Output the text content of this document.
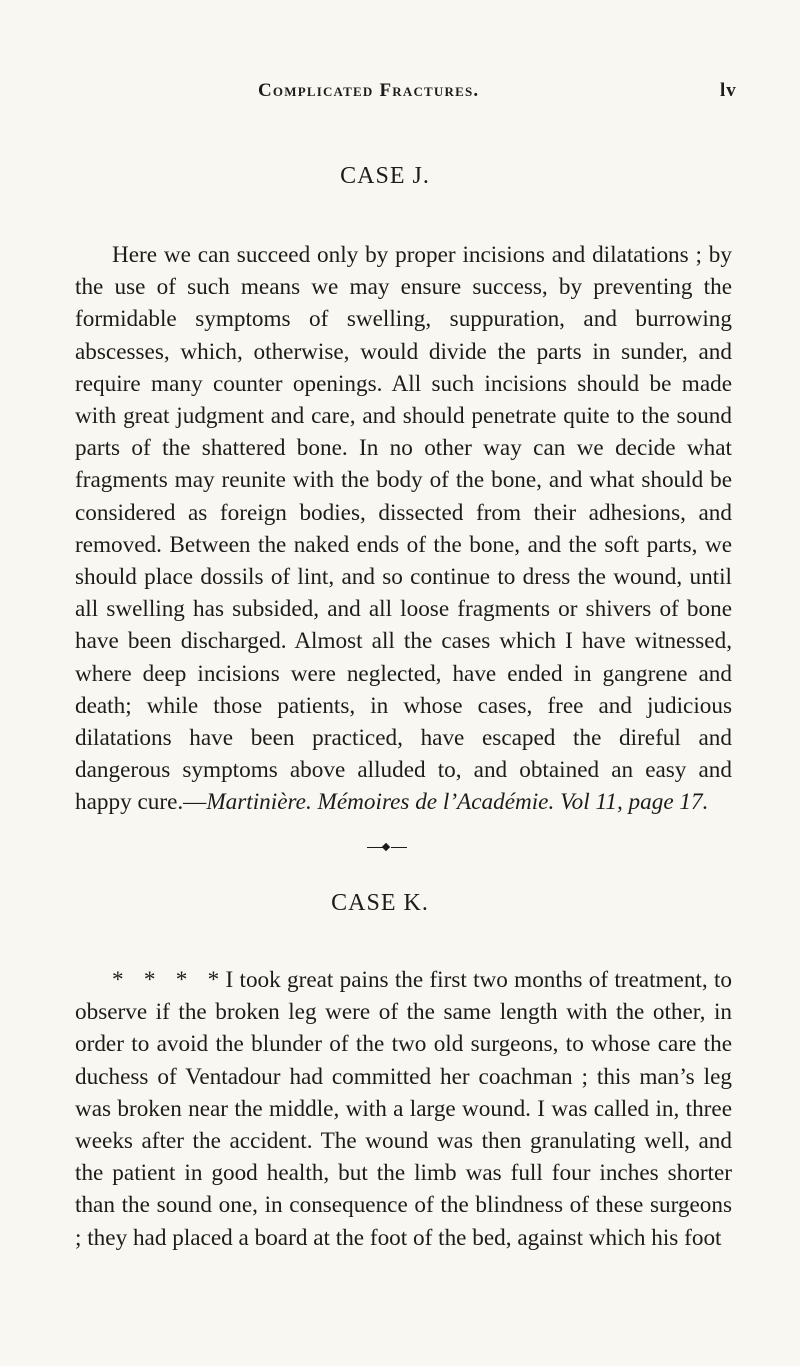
Complicated Fractures.	lv
CASE J.

Here we can succeed only by proper incisions and dilatations ; by the use of such means we may ensure success, by preventing the formidable symptoms of swelling, suppuration, and burrowing abscesses, which, otherwise, would divide the parts in sunder, and require many counter openings. All such incisions should be made with great judgment and care, and should penetrate quite to the sound parts of the shattered bone. In no other way can we decide what fragments may reunite with the body of the bone, and what should be considered as foreign bodies, dissected from their adhesions, and removed. Between the naked ends of the bone, and the soft parts, we should place dossils of lint, and so continue to dress the wound, until all swelling has subsided, and all loose fragments or shivers of bone have been discharged. Almost all the cases which I have witnessed, where deep incisions were neglected, have ended in gangrene and death; while those patients, in whose cases, free and judicious dilatations have been practiced, have escaped the direful and dangerous symptoms above alluded to, and obtained an easy and happy cure.—Martinière. Mémoires de l’Académie. Vol 11, page 17.

CASE K.

* * * * I took great pains the first two months of treatment, to observe if the broken leg were of the same length with the other, in order to avoid the blunder of the two old surgeons, to whose care the duchess of Ventadour had committed her coachman ; this man’s leg was broken near the middle, with a large wound. I was called in, three weeks after the accident. The wound was then granulating well, and the patient in good health, but the limb was full four inches shorter than the sound one, in consequence of the blindness of these surgeons ; they had placed a board at the foot of the bed, against which his foot
